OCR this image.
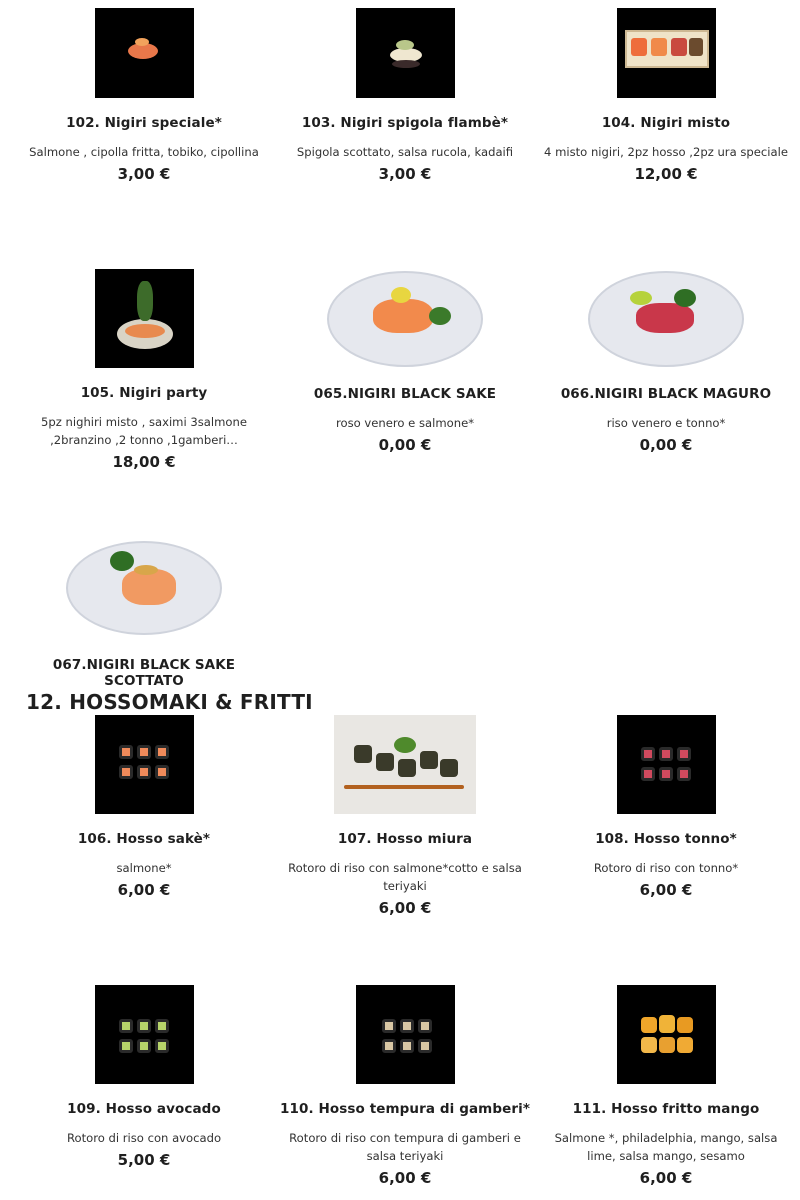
102. Nigiri speciale*
Salmone , cipolla fritta, tobiko, cipollina
3,00 €
103. Nigiri spigola flambè*
Spigola scottato, salsa rucola, kadaifi
3,00 €
104. Nigiri misto
4 misto nigiri, 2pz hosso ,2pz ura speciale
12,00 €
105. Nigiri party
5pz nighiri misto , saximi 3salmone ,2branzino ,2 tonno ,1gamberi…
18,00 €
065.NIGIRI BLACK SAKE
roso venero e salmone*
0,00 €
066.NIGIRI BLACK MAGURO
riso venero e tonno*
0,00 €
067.NIGIRI BLACK SAKE SCOTTATO
12. HOSSOMAKI & FRITTI
106. Hosso sakè*
salmone*
6,00 €
107. Hosso miura
Rotoro di riso con salmone*cotto e salsa teriyaki
6,00 €
108. Hosso tonno*
Rotoro di riso con tonno*
6,00 €
109. Hosso avocado
Rotoro di riso con avocado
5,00 €
110. Hosso tempura di gamberi*
Rotoro di riso con tempura di gamberi e salsa teriyaki
6,00 €
111. Hosso fritto mango
Salmone *, philadelphia, mango, salsa lime, salsa mango, sesamo
6,00 €
